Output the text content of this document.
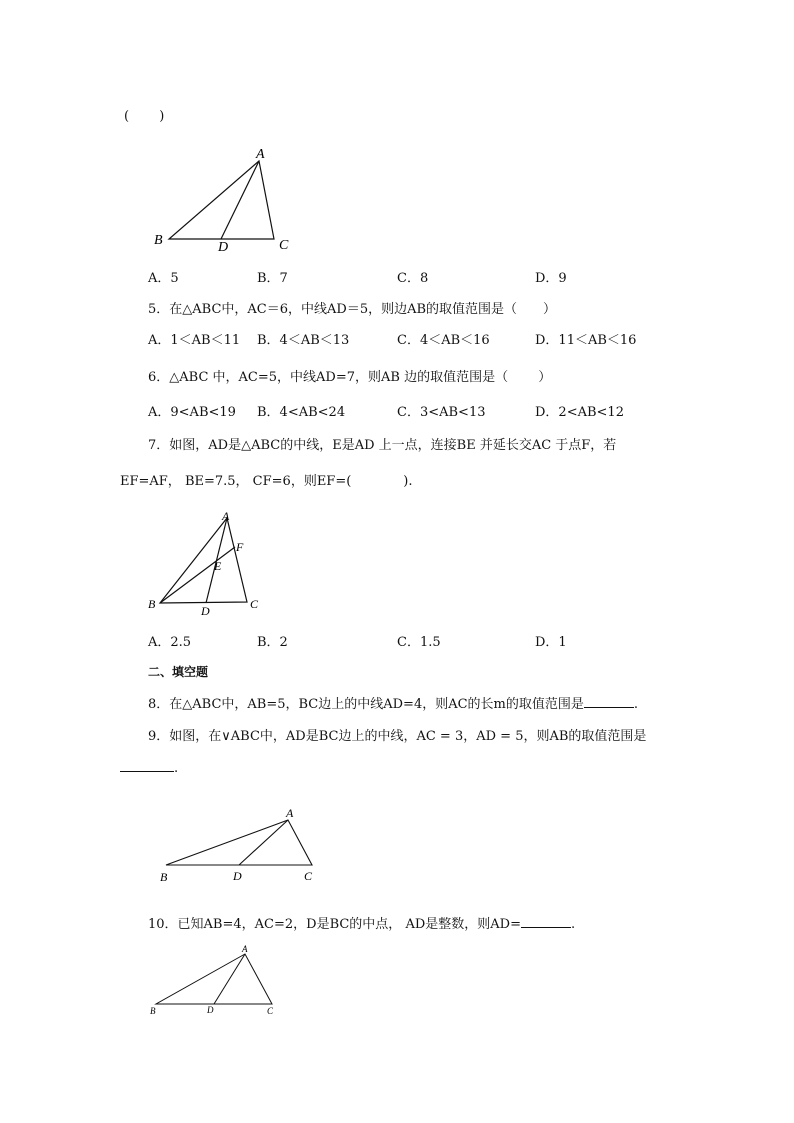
(　　 )
A
B	D	C
A
F
E
B	D	C
A
B	D	C
A
B	D	C
A．5	B．7	C．8	D．9
5．在△ABC中，AC＝6，中线AD＝5，则边AB的取值范围是（　　）
A．1＜AB＜11 B．4＜AB＜13	C．4＜AB＜16	D．11＜AB＜16
6．△ABC 中，AC=5，中线AD=7，则AB 边的取值范围是（　　 ）
A．9<AB<19 B．4<AB<24	C．3<AB<13	D．2<AB<12
7．如图，AD是△ABC的中线，E是AD 上一点，连接BE 并延长交AC 于点F，若
EF=AF， BE=7.5， CF=6，则EF=(　　　　).
A．2.5	B．2	C．1.5	D．1
二、填空题
8．在△ABC中，AB=5，BC边上的中线AD=4，则AC的长m的取值范围是	.
9．如图，在∨ABC中，AD是BC边上的中线，AC = 3，AD = 5，则AB的取值范围是
.
10．已知AB=4，AC=2，D是BC的中点， AD是整数，则AD=	.
